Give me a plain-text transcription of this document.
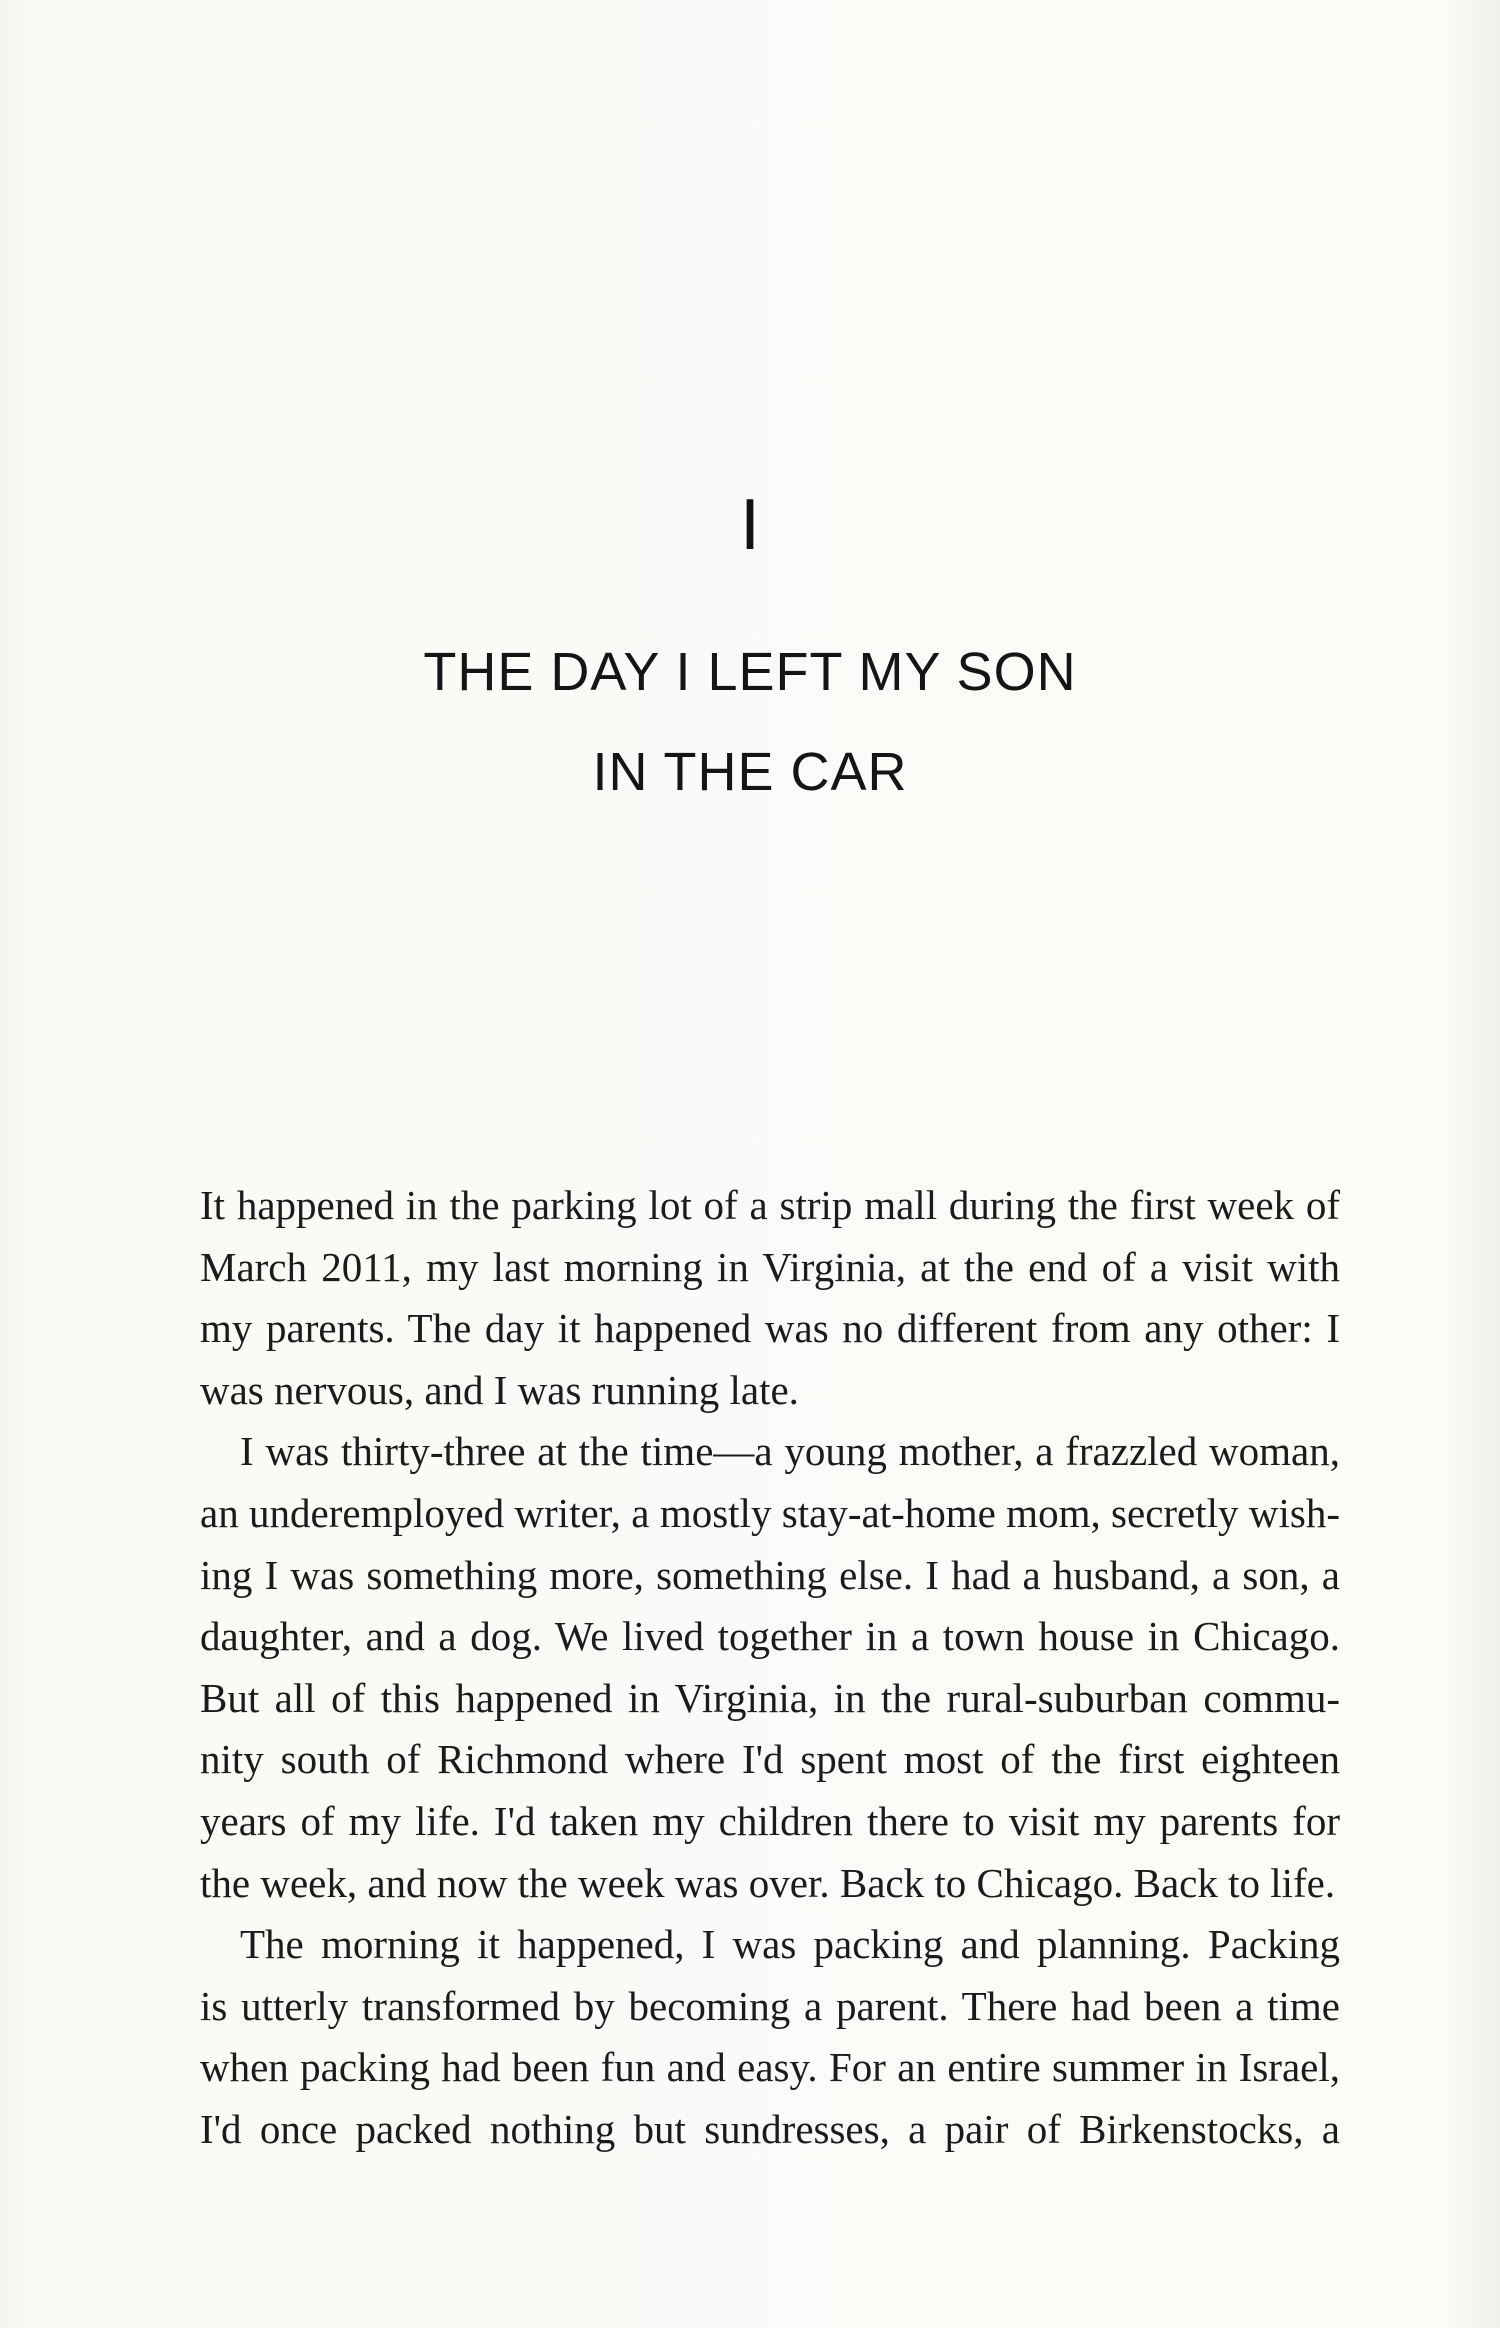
I
THE DAY I LEFT MY SON
IN THE CAR
It happened in the parking lot of a strip mall during the first week of
March 2011, my last morning in Virginia, at the end of a visit with
my parents. The day it happened was no different from any other: I
was nervous, and I was running late.
I was thirty-three at the time—a young mother, a frazzled woman,
an underemployed writer, a mostly stay-at-home mom, secretly wish-
ing I was something more, something else. I had a husband, a son, a
daughter, and a dog. We lived together in a town house in Chicago.
But all of this happened in Virginia, in the rural-suburban commu-
nity south of Richmond where I'd spent most of the first eighteen
years of my life. I'd taken my children there to visit my parents for
the week, and now the week was over. Back to Chicago. Back to life.
The morning it happened, I was packing and planning. Packing
is utterly transformed by becoming a parent. There had been a time
when packing had been fun and easy. For an entire summer in Israel,
I'd once packed nothing but sundresses, a pair of Birkenstocks, a
